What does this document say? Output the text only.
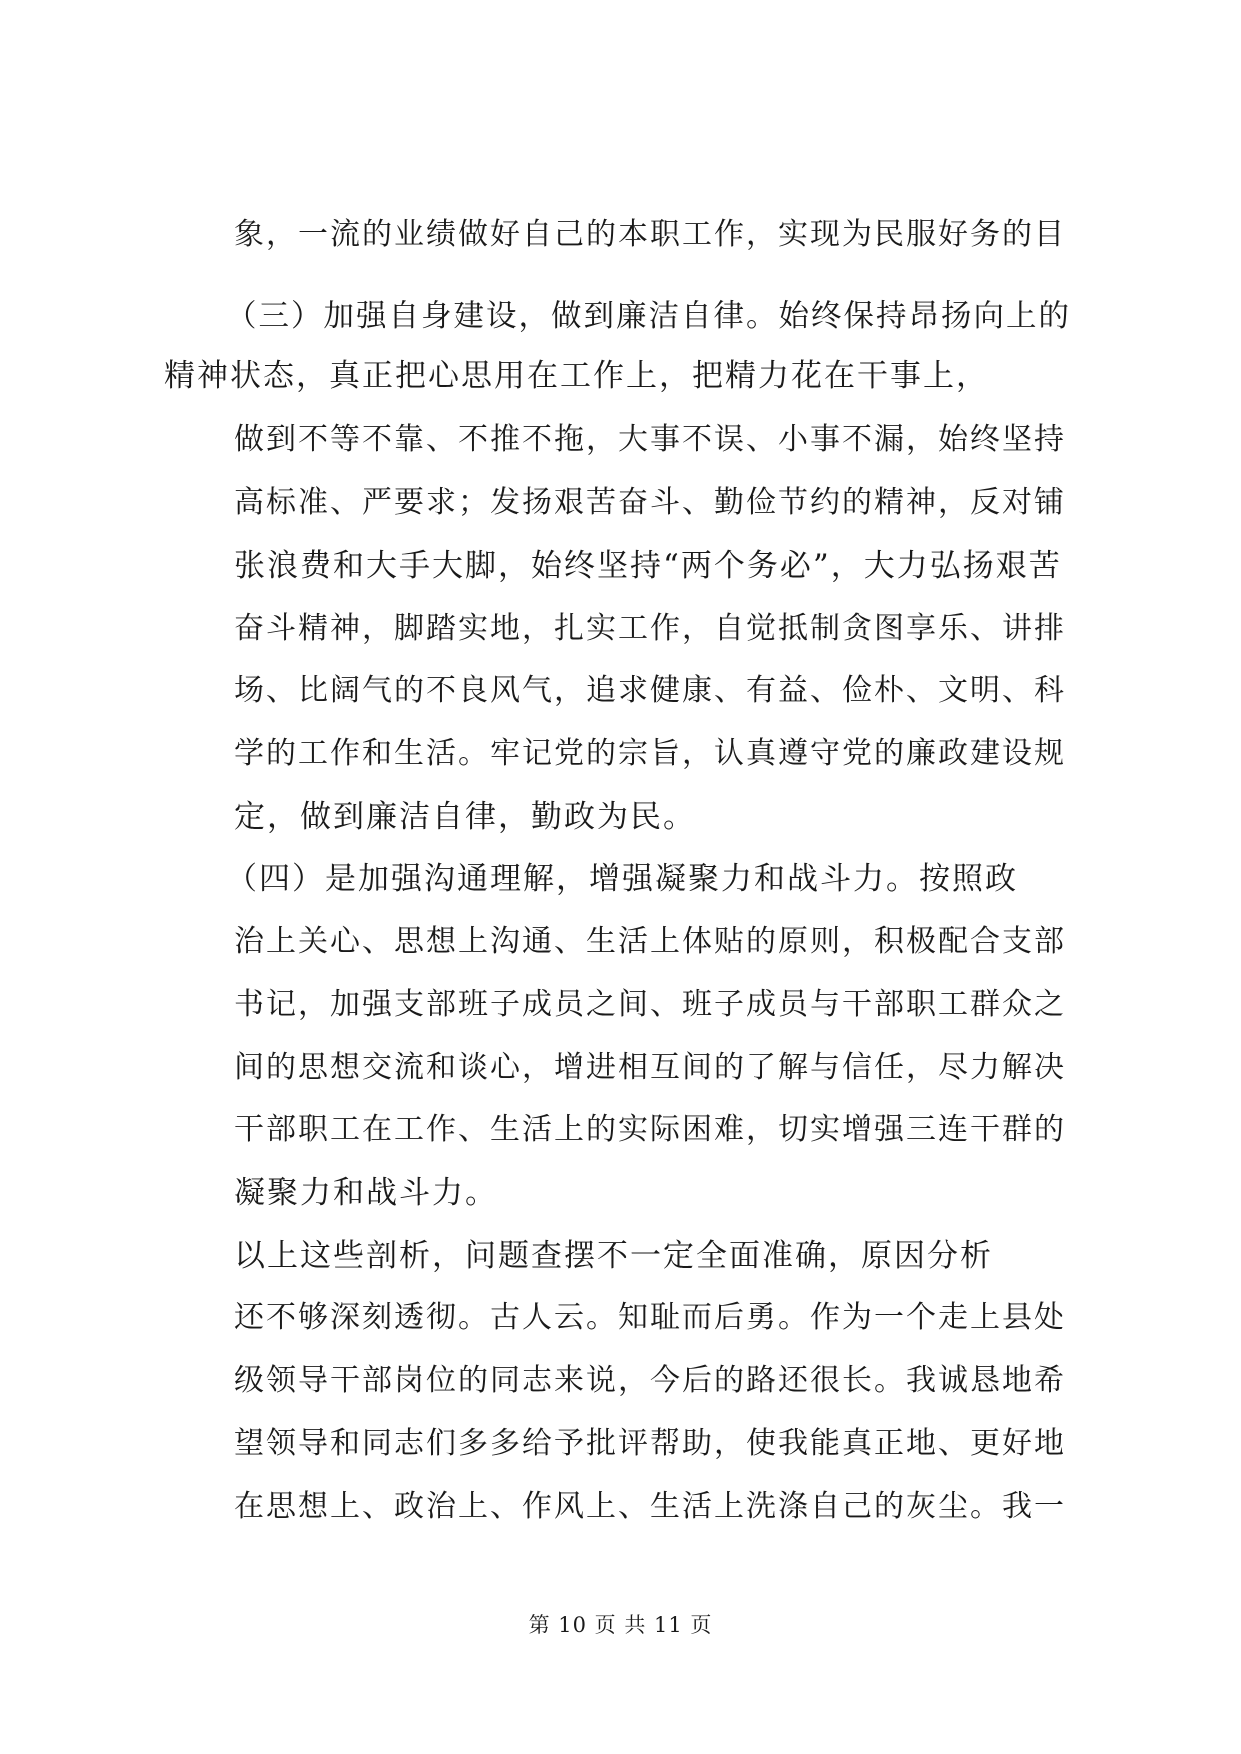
象，一流的业绩做好自己的本职工作，实现为民服好务的目
（三）加强自身建设，做到廉洁自律。始终保持昂扬向上的
精神状态，真正把心思用在工作上，把精力花在干事上，
做到不等不靠、不推不拖，大事不误、小事不漏，始终坚持
高标准、严要求；发扬艰苦奋斗、勤俭节约的精神，反对铺
张浪费和大手大脚，始终坚持“两个务必”，大力弘扬艰苦
奋斗精神，脚踏实地，扎实工作，自觉抵制贪图享乐、讲排
场、比阔气的不良风气，追求健康、有益、俭朴、文明、科
学的工作和生活。牢记党的宗旨，认真遵守党的廉政建设规
定，做到廉洁自律，勤政为民。
（四）是加强沟通理解，增强凝聚力和战斗力。按照政
治上关心、思想上沟通、生活上体贴的原则，积极配合支部
书记，加强支部班子成员之间、班子成员与干部职工群众之
间的思想交流和谈心，增进相互间的了解与信任，尽力解决
干部职工在工作、生活上的实际困难，切实增强三连干群的
凝聚力和战斗力。
以上这些剖析，问题查摆不一定全面准确，原因分析
还不够深刻透彻。古人云。知耻而后勇。作为一个走上县处
级领导干部岗位的同志来说，今后的路还很长。我诚恳地希
望领导和同志们多多给予批评帮助，使我能真正地、更好地
在思想上、政治上、作风上、生活上洗涤自己的灰尘。我一
第 10 页 共 11 页
